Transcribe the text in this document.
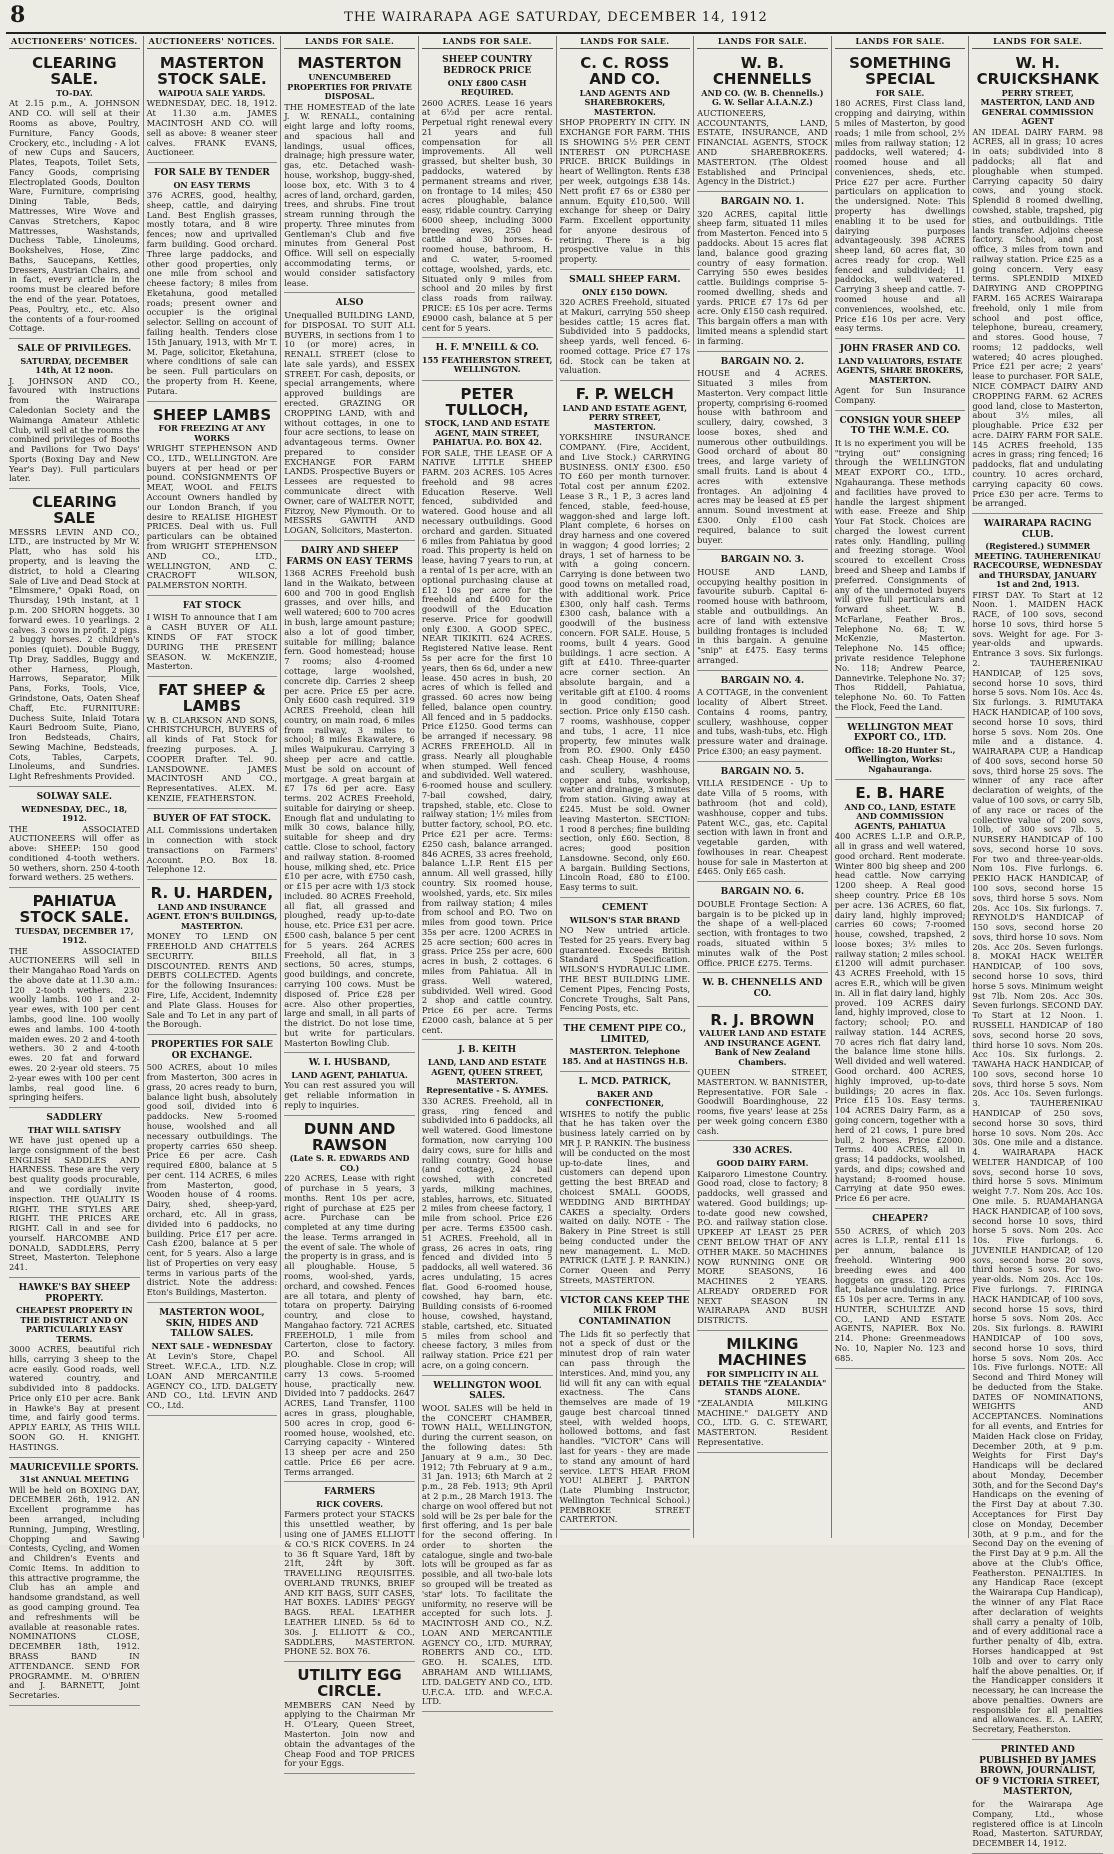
8	THE WAIRARAPA AGE SATURDAY, DECEMBER 14, 1912
AUCTIONEERS' NOTICES.
CLEARING SALE.
TO-DAY.

At 2.15 p.m., A. JOHNSON AND CO. will sell at their Rooms as above, Poultry, Furniture, Fancy Goods, Crockery, etc., including - A lot of new Cups and Saucers, Plates, Teapots, Toilet Sets, Fancy Goods, comprising Electroplated Goods, Doulton Ware, Furniture, comprising Dining Table, Beds, Mattresses, Wire Wove and Canvas Stretchers, Kapoc Mattresses, Washstands, Duchess Table, Linoleums, Bookshelves, Hose, Zinc Baths, Saucepans, Kettles, Dressers, Austrian Chairs, and in fact, every article in the rooms must be cleared before the end of the year. Potatoes, Peas, Poultry, etc., etc. Also the contents of a four-roomed Cottage.

SALE OF PRIVILEGES.
SATURDAY, DECEMBER 14th, At 12 noon.

J. JOHNSON AND CO., favoured with instructions from the Wairarapa Caledonian Society and the Waimanga Amateur Athletic Club, will sell at the rooms the combined privileges of Booths and Pavilions for Two Days' Sports (Boxing Day and New Year's Day). Full particulars later.

CLEARING SALE

MESSRS LEVIN AND CO., LTD., are instructed by Mr W. Platt, who has sold his property, and is leaving the district, to hold a Clearing Sale of Live and Dead Stock at "Elmsmere," Opaki Road, on Thursday, 19th instant, at 1 p.m. 200 SHORN hoggets. 30 forward ewes. 10 yearlings. 2 calves. 3 cows in profit. 2 pigs. 2 buggy horses. 2 children's ponies (quiet). Double Buggy, Tip Dray, Saddles, Buggy and other Harness, Plough, Harrows, Separator, Milk Pans, Forks, Tools, Vice, Grindstone, Oats, Oaten Sheaf Chaff, Etc. FURNITURE: Duchess Suite, Inlaid Totara Kauri Bedroom Suite, Piano, Iron Bedsteads, Chairs, Sewing Machine, Bedsteads, Cots, Tables, Carpets, Linoleums, and Sundries. Light Refreshments Provided.

SOLWAY SALE.
WEDNESDAY, DEC., 18, 1912.

THE ASSOCIATED AUCTIONEERS will offer as above: SHEEP: 150 good conditioned 4-tooth wethers. 50 wethers, shorn. 250 4-tooth forward wethers. 25 wethers.

PAHIATUA STOCK SALE.
TUESDAY, DECEMBER 17, 1912.

THE ASSOCIATED AUCTIONEERS will sell in their Mangahao Road Yards on the above date at 11.30 a.m.: 120 2-tooth wethers. 230 woolly lambs. 100 1 and 2-year ewes, with 100 per cent lambs, good line. 100 woolly ewes and lambs. 100 4-tooth maiden ewes. 20 2 and 4-tooth wethers. 30 2 and 4-tooth ewes. 20 fat and forward ewes. 20 2-year old steers. 75 2-year ewes with 100 per cent lambs, real good line. 6 springing heifers.

SADDLERY
THAT WILL SATISFY

WE have just opened up a large consignment of the best ENGLISH SADDLES AND HARNESS. These are the very best quality goods procurable, and we cordially invite inspection. THE QUALITY IS RIGHT. THE STYLES ARE RIGHT. THE PRICES ARE RIGHT. Call in and see for yourself. HARCOMBE AND DONALD, SADDLERS, Perry Street, Masterton. Telephone 241.

HAWKE'S BAY SHEEP PROPERTY.
CHEAPEST PROPERTY IN THE DISTRICT AND ON PARTICULARLY EASY TERMS.

3000 ACRES, beautiful rich hills, carrying 3 sheep to the acre easily. Good roads, well watered country, and subdivided into 8 paddocks. Price only £10 per acre. Bank in Hawke's Bay at present time, and fairly good terms. APPLY EARLY, AS THIS WILL SOON GO. H. KNIGHT. HASTINGS.

MAURICEVILLE SPORTS.
31st ANNUAL MEETING

Will be held on BOXING DAY, DECEMBER 26th, 1912. AN Excellent programme has been arranged, including Running, Jumping, Wrestling, Chopping and Sawing Contests, Cycling, and Women and Children's Events and Comic Items. In addition to this attractive programme, the Club has an ample and handsome grandstand, as well as good camping ground. Tea and refreshments will be available at reasonable rates. NOMINATIONS CLOSE, DECEMBER 18th, 1912. BRASS BAND IN ATTENDANCE. SEND FOR PROGRAMME. M. O'BRIEN and J. BARNETT, Joint Secretaries.

AUCTIONEERS' NOTICES.
MASTERTON STOCK SALE.
WAIPOUA SALE YARDS.

WEDNESDAY, DEC. 18, 1912. At 11.30 a.m. JAMES MACINTOSH AND CO. will sell as above: 8 weaner steer calves. FRANK EVANS, Auctioneer.

FOR SALE BY TENDER
ON EASY TERMS

376 ACRES, good, healthy, sheep, cattle, and dairying Land. Best English grasses, mostly totara, and 8 wire fences; now and uprivalled farm building. Good orchard. Three large paddocks, and other good properties, only one mile from school and cheese factory; 8 miles from Eketahuna, good metalled roads; present owner and occupier is the original selector. Selling on account of failing health. Tenders close 15th January, 1913, with Mr T. M. Page, solicitor, Eketahuna, where conditions of sale can be seen. Full particulars on the property from H. Keene, Putara.

SHEEP LAMBS
FOR FREEZING AT ANY WORKS

WRIGHT STEPHENSON AND CO., LTD., WELLINGTON. Are buyers at per head or per pound. CONSIGNMENTS OF MEAT, WOOL and FELTS Account Owners handled by our London Branch, if you desire to REALISE HIGHEST PRICES. Deal with us. Full particulars can be obtained from WRIGHT STEPHENSON AND CO., LTD., WELLINGTON, AND C. CRACROFT WILSON, PALMERSTON NORTH.

FAT STOCK

I WISH To announce that I am a CASH BUYER OF ALL KINDS OF FAT STOCK DURING THE PRESENT SEASON. W. McKENZIE, Masterton.

FAT SHEEP & LAMBS

W. B. CLARKSON AND SONS, CHRISTCHURCH, BUYERS of all kinds of Fat Stock for freezing purposes. A. J. COOPER Drafter. Tel. 90. LANSDOWNE. JAMES MACINTOSH AND CO., Representatives. ALEX. M. KENZIE, FEATHERSTON.

BUYER OF FAT STOCK.

ALL Commissions undertaken in connection with stock transactions on Farmers' Account. P.O. Box 18. Telephone 12.

R. U. HARDEN,
LAND AND INSURANCE AGENT. ETON'S BUILDINGS, MASTERTON.

MONEY TO LEND ON FREEHOLD AND CHATTELS SECURITY. BILLS DISCOUNTED. RENTS AND DEBTS COLLECTED. Agents for the following Insurances: Fire, Life, Accident, Indemnity and Plate Glass. Houses for Sale and To Let in any part of the Borough.

PROPERTIES FOR SALE OR EXCHANGE.

500 ACRES, about 10 miles from Masterton, 300 acres in grass, 20 acres ready to burn, balance light bush, absolutely good soil, divided into 6 paddocks. New 5-roomed house, woolshed and all necessary outbuildings. The property carries 650 sheep. Price £6 per acre. Cash required £800, balance at 5 per cent. 114 ACRES, 6 miles from Masterton, good, Wooden house of 4 rooms. Dairy, shed, sheep-yard, orchard, etc. All in grass, divided into 6 paddocks, no building. Price £17 per acre. Cash £200, balance at 5 per cent, for 5 years. Also a large list of Properties on very easy terms in various parts of the district. Note the address: Eton's Buildings, Masterton.

MASTERTON WOOL, SKIN, HIDES AND TALLOW SALES.
NEXT SALE - WEDNESDAY

At Levin's Store, Chapel Street. W.F.C.A., LTD. N.Z. LOAN AND MERCANTILE AGENCY CO., LTD. DALGETY AND CO., Ltd. LEVIN AND CO., Ltd.

LANDS FOR SALE.
MASTERTON
UNENCUMBERED PROPERTIES FOR PRIVATE DISPOSAL.

THE HOMESTEAD of the late J. W. RENALL, containing eight large and lofty rooms, and spacious hall and landings, usual offices, drainage; high pressure water, gas, etc. Detached wash-house, workshop, buggy-shed, loose box, etc. With 3 to 4 acres of land, orchard, garden, trees, and shrubs. Fine trout stream running through the property. Three minutes from Gentleman's Club and five minutes from General Post Office. Will sell on especially accommodating terms, or would consider satisfactory lease.

ALSO

Unequalled BUILDING LAND, for DISPOSAL TO SUIT ALL BUYERS, in sections from 1 to 10 (or more) acres, in RENALL STREET (close to late sale yards), and ESSEX STREET. For cash, deposits, or special arrangements, where approved buildings are erected. GRAZING OR CROPPING LAND, with and without cottages, in one to four acre sections, to lease on advantageous terms. Owner prepared to consider EXCHANGE FOR FARM LANDS. Prospective Buyers or Lessees are requested to communicate direct with Owner, care of WALTER NOTT, Fitzroy, New Plymouth. Or to MESSRS GAWITH AND LOGAN, Solicitors, Masterton.

DAIRY AND SHEEP FARMS ON EASY TERMS

1368 ACRES Freehold bush land in the Waikato, between 600 and 700 in good English grasses, and over hills, and well watered; 600 to 700 acres in bush, large amount pasture; also a lot of good timber, suitable for milling; balance fern. Good homestead; house 7 rooms; also 4-roomed cottage, large woolshed, concrete dip. Carries 2 sheep per acre. Price £5 per acre. Only £600 cash required. 319 ACRES Freehold, clean hill country, on main road, 6 miles from railway, 3 miles to school; 8 miles Ekawatere, 6 miles Waipukurau. Carrying 3 sheep per acre and cattle. Must be sold on account of mortgage. A great bargain at £7 17s 6d per acre. Easy terms. 202 ACRES Freehold, suitable for dairying or sheep. Enough flat and undulating to milk 30 cows, balance hilly, suitable for sheep and dry cattle. Close to school, factory and railway station. 8-roomed house, milking shed, etc. Price £10 per acre, with £750 cash, or £15 per acre with 1/3 stock included. 80 ACRES Freehold, all flat, all grassed and ploughed, ready up-to-date house, etc. Price £31 per acre. £500 cash, balance 5 per cent for 5 years. 264 ACRES Freehold, all flat, in 3 sections, 50 acres, stumps, good buildings, and concrete, carrying 100 cows. Must be disposed of. Price £28 per acre. Also other properties, large and small, in all parts of the district. Do not lose time, but write for particulars. Masterton Bowling Club.

W. I. HUSBAND,
LAND AGENT, PAHIATUA.

You can rest assured you will get reliable information in reply to inquiries.

DUNN AND RAWSON
(Late S. R. EDWARDS AND CO.)

220 ACRES, Lease with right of purchase in 5 years, 3 months. Rent 10s per acre, right of purchase at £25 per acre. Purchase can be completed at any time during the lease. Terms arranged in the event of sale. The whole of the property is in grass, and is all ploughable. House, 5 rooms, wool-shed, yards, orchard, and cowshed. Fences are all totara, and plenty of totara on property. Dairying country, and close to Mangahao factory. 721 ACRES FREEHOLD, 1 mile from Carterton, close to factory. P.O. and School. All ploughable. Close in crop; will carry 13 cows. 5-roomed house, practically new. Divided into 7 paddocks. 2647 ACRES, Land Transfer, 1100 acres in grass, ploughable, 500 acres in crop, good 6-roomed house, woolshed, etc. Carrying capacity - Wintered 13 sheep per acre and 250 cattle. Price £6 per acre. Terms arranged.

FARMERS
RICK COVERS.

Farmers protect your STACKS this unsettled weather, by using one of JAMES ELLIOTT & CO.'S RICK COVERS. In 24 to 36 ft Square Yard, 18ft by 21ft, 24ft by 30ft. TRAVELLING REQUISITES. OVERLAND TRUNKS, BRIEF AND KIT BAGS, SUIT CASES, HAT BOXES. LADIES' PEGGY BAGS. REAL LEATHER LEATHER LINED. 5s 6d to 30s. J. ELLIOTT & CO., SADDLERS, MASTERTON. PHONE 52. BOX 76.

UTILITY EGG CIRCLE.

MEMBERS CAN Need by applying to the Chairman Mr H. O'Leary, Queen Street, Masterton. Join now and obtain the advantages of the Cheap Food and TOP PRICES for your Eggs.

LANDS FOR SALE.
SHEEP COUNTRY BEDROCK PRICE
ONLY £800 CASH REQUIRED.

2600 ACRES. Lease 16 years at 6½d per acre rental. Perpetual right renewal every 21 years and full compensation for all improvements. All well grassed, but shelter bush, 30 paddocks, watered by permanent streams and river, on frontage to 14 miles; 450 acres ploughable, balance easy, ridable country. Carrying 6000 sheep, including 3000 breeding ewes, 250 head cattle and 30 horses. 6-roomed house, bathroom, H. and C. water, 5-roomed cottage, woolshed, yards, etc. Situated only 9 miles from school and 20 miles by first class roads from railway. PRICE: £5 10s per acre. Terms £9000 cash, balance at 5 per cent for 5 years.

H. F. M'NEILL & CO.
155 FEATHERSTON STREET, WELLINGTON.
PETER TULLOCH,
STOCK, LAND AND ESTATE AGENT, MAIN STREET, PAHIATUA. P.O. BOX 42.

FOR SALE, THE LEASE OF A NATIVE LITTLE SHEEP FARM. 203 ACRES. 105 Acres freehold and 98 acres Education Reserve. Well fenced, subdivided and watered. Good house and all necessary outbuildings. Good orchard and garden. Situated 6 miles from Pahiatua by good road. This property is held on lease, having 7 years to run, at a rental of 1s per acre, with an optional purchasing clause at £12 10s per acre for the freehold and £400 for the goodwill of the Education reserve. Price for goodwill only £300. A GOOD SPEC., NEAR TIKIKITI. 624 ACRES. Registered Native lease. Rent 5s per acre for the first 10 years, then 6s 6d, under a new lease. 450 acres in bush, 20 acres of which is felled and grassed. 60 acres now being felled, balance open country. All fenced and in 5 paddocks. Price £1250. Good terms can be arranged if necessary. 98 ACRES FREEHOLD. All in grass. Nearly all ploughable when stumped. Well fenced and subdivided. Well watered. 6-roomed house and scullery. 7-bail cowshed, dairy, trapshed, stable, etc. Close to railway station; 1½ miles from butter factory, school, P.O. etc. Price £21 per acre. Terms: £250 cash, balance arranged. 846 ACRES, 33 acres freehold, balance L.I.P. Rent £15 per annum. All well grassed, hilly country. Six roomed house, woolshed, yards, etc. Six miles from railway station; 4 miles from school and P.O. Two on miles from good town. Price 35s per acre. 1200 ACRES in 25 acre section; 600 acres in grass. Price 25s per acre, 600 acres in bush, 2 cottages. 6 miles from Pahiatua. All in grass. Well watered, subdivided. Well wired. Good 2 shop and cattle country. Price £6 per acre. Terms £2000 cash, balance at 5 per cent.

J. B. KEITH
LAND, LAND AND ESTATE AGENT, QUEEN STREET, MASTERTON. Representative - S. AYMES.

330 ACRES. Freehold, all in grass, ring fenced and subdivided into 6 paddocks, all well watered. Good limestone formation, now carrying 100 dairy cows, sure for hills and rolling country. Good house (and cottage), 24 bail cowshed, with concreted yards, milking machines, stables, harrows, etc. Situated 2 miles from cheese factory, 1 mile from school. Price £26 per acre. Terms £3500 cash. 51 ACRES. Freehold, all in grass, 26 acres in oats, ring fenced and divided into 5 paddocks, all well watered. 36 acres undulating, 15 acres flat. Good 6-roomed house, cowshed, hay barn, etc. Building consists of 6-roomed house, cowshed, haystand, stable, cartshed, etc. Situated 5 miles from school and cheese factory, 3 miles from railway station. Price £21 per acre, on a going concern.

WELLINGTON WOOL SALES.

WOOL SALES will be held in the CONCERT CHAMBER, TOWN HALL, WELLINGTON, during the current season, on the following dates: 5th January at 9 a.m., 30 Dec. 1912; 7th February at 9 a.m., 31 Jan. 1913; 6th March at 2 p.m., 28 Feb. 1913; 9th April at 2 p.m., 28 March 1913. The charge on wool offered but not sold will be 2s per bale for the first offering, and 1s per bale for the second offering. In order to shorten the catalogue, single and two-bale lots will be grouped as far as possible, and all two-bale lots so grouped will be treated as 'star' lots. To facilitate the uniformity, no reserve will be accepted for such lots. J. MACINTOSH AND CO., N.Z. LOAN AND MERCANTILE AGENCY CO., LTD. MURRAY, ROBERTS AND CO., LTD. GEO. H. SCALES, LTD. ABRAHAM AND WILLIAMS, LTD. DALGETY AND CO., LTD. U.F.C.A. LTD. and W.F.C.A. LTD.

LANDS FOR SALE.
C. C. ROSS AND CO.
LAND AGENTS AND SHAREBROKERS, MASTERTON.

SHOP PROPERTY IN CITY. IN EXCHANGE FOR FARM. THIS IS SHOWING 5½ PER CENT INTEREST ON PURCHASE PRICE. BRICK Buildings in heart of Wellington. Rents £38 per week, outgoings £38 14s. Nett profit £7 6s or £380 per annum. Equity £10,500. Will exchange for sheep or Dairy Farm. Excellent opportunity for anyone desirous of retiring. There is a big prospective value in this property.

SMALL SHEEP FARM.
ONLY £150 DOWN.

320 ACRES Freehold, situated at Makuri, carrying 550 sheep besides cattle; 15 acres flat. Subdivided into 5 paddocks, sheep yards, well fenced. 6-roomed cottage. Price £7 17s 6d. Stock can be taken at valuation.

F. P. WELCH
LAND AND ESTATE AGENT, PERRY STREET, MASTERTON.

YORKSHIRE INSURANCE COMPANY. (Fire, Accident, and Live Stock.) CARRYING BUSINESS. ONLY £300. £50 TO £60 per month turnover. Total cost per annum £202. Lease 3 R., 1 P., 3 acres land fenced, stable, feed-house, waggon-shed and large loft. Plant complete, 6 horses on dray harness and one covered in waggon; 4 good lorries; 2 drays, 1 set of harness to be with a going concern. Carrying is done between two good towns on metalled road, with additional work. Price £300, only half cash. Terms £300 cash, balance with a goodwill of the business concern. FOR SALE. House, 5 rooms, built 4 years. Good buildings. 1 acre section. A gift at £410. Three-quarter acre corner section. An absolute bargain, and a veritable gift at £100. 4 rooms in good condition; good section. Price only £150 cash. 7 rooms, washhouse, copper and tubs, 1 acre, 11 nice property, few minutes walk from P.O. £900. Only £450 cash. Cheap House, 4 rooms and scullery, washhouse, copper and tubs, workshop, water and drainage, 3 minutes from station. Giving away at £245. Must be sold. Owner leaving Masterton. SECTION: 1 rood 8 perches; fine building section, only £60. Section, 8 acres; good position Lansdowne. Second, only £60. A bargain. Building Sections, Lincoln Road, £80 to £100. Easy terms to suit.

CEMENT
WILSON'S STAR BRAND

NO New untried article. Tested for 25 years. Every bag guaranteed. Exceeds British Standard Specification. WILSON'S HYDRAULIC LIME. THE BEST BUILDING LIME. Cement Pipes, Fencing Posts, Concrete Troughs, Salt Pans, Fencing Posts, etc.

THE CEMENT PIPE CO., LIMITED,
MASTERTON. Telephone 185. And at HASTINGS H.B.
L. MCD. PATRICK,
BAKER AND CONFECTIONER,

WISHES to notify the public that he has taken over the business lately carried on by MR J. P. RANKIN. The business will be conducted on the most up-to-date lines, and customers can depend upon getting the best BREAD and choicest SMALL GOODS, WEDDING AND BIRTHDAY CAKES a specialty. Orders waited on daily. NOTE - The Bakery in Pine Street is still being conducted under the new management. L. McD. PATRICK (LATE J. P. RANKIN.) Corner Queen and Perry Streets, MASTERTON.

VICTOR CANS KEEP THE MILK FROM CONTAMINATION

The Lids fit so perfectly that not a speck of dust or the minutest drop of rain water can pass through the interstices. And, mind you, any lid will fit any can with equal exactness. The Cans themselves are made of 19 gauge best charcoal tinned steel, with welded hoops, hollowed bottoms, and fast handles. "VICTOR" Cans will last for years - they are made to stand any amount of hard service. LET'S HEAR FROM YOU! ALBERT J. PARTON (Late Plumbing Instructor, Wellington Technical School.) PEMBROKE STREET CARTERTON.

LANDS FOR SALE.
W. B. CHENNELLS
AND CO. (W. B. Chennells.) G. W. Sellar A.I.A.N.Z.)

AUCTIONEERS, ACCOUNTANTS, LAND, ESTATE, INSURANCE, AND FINANCIAL AGENTS, STOCK AND SHAREBROKERS. MASTERTON. (The Oldest Established and Principal Agency in the District.)

BARGAIN NO. 1.

320 ACRES, capital little sheep farm, situated 11 miles from Masterton. Fenced into 5 paddocks. About 15 acres flat land, balance good grazing country of easy formation. Carrying 550 ewes besides cattle. Buildings comprise 5-roomed dwelling, sheds and yards. PRICE £7 17s 6d per acre. Only £150 cash required. This bargain offers a man with limited means a splendid start in farming.

BARGAIN NO. 2.

HOUSE and 4 ACRES. Situated 3 miles from Masterton. Very compact little property, comprising 6-roomed house with bathroom and scullery, dairy, cowshed, 3 loose boxes, shed and numerous other outbuildings. Good orchard of about 80 trees, and large variety of small fruits. Land is about 4 acres with extensive frontages. An adjoining 4 acres may be leased at £5 per annum. Sound investment at £300. Only £100 cash required, balance to suit buyer.

BARGAIN NO. 3.

HOUSE AND LAND, occupying healthy position in favourite suburb. Capital 6-roomed house with bathroom, stable and outbuildings. An acre of land with extensive building frontages is included in this bargain. A genuine "snip" at £475. Easy terms arranged.

BARGAIN NO. 4.

A COTTAGE, in the convenient locality of Albert Street. Contains 4 rooms, pantry, scullery, washhouse, copper and tubs, wash-tubs, etc. High pressure water and drainage. Price £300; an easy payment.

BARGAIN NO. 5.

VILLA RESIDENCE - Up to date Villa of 5 rooms, with bathroom (hot and cold), washhouse, copper and tubs. Patent W.C., gas, etc. Capital section with lawn in front and vegetable garden, with fowlhouses in rear. Cheapest house for sale in Masterton at £465. Only £65 cash.

BARGAIN NO. 6.

DOUBLE Frontage Section: A bargain is to be picked up in the shape of a well-placed section, with frontages to two roads, situated within 5 minutes walk of the Post Office. PRICE £275. Terms.

W. B. CHENNELLS AND CO.
R. J. BROWN
VALUER LAND AND ESTATE AND INSURANCE AGENT. Bank of New Zealand Chambers.

QUEEN STREET, MASTERTON. W. BANNISTER, Representative. FOR Sale - Goodwill Boardinghouse, 22 rooms, five years' lease at 25s per week going concern £380 cash.

330 ACRES.
GOOD DAIRY FARM.

Kaiparoro Limestone Country. Good road, close to factory; 8 paddocks, well grassed and watered. Good buildings; up-to-date good new cowshed, P.O. and railway station close. UPKEEP AT LEAST 25 PER CENT BELOW THAT OF ANY OTHER MAKE. 50 MACHINES NOW RUNNING ONE OR MORE SEASONS, 16 MACHINES 2 YEARS. ALREADY ORDERED FOR NEXT SEASON IN WAIRARAPA AND BUSH DISTRICTS.

MILKING MACHINES
FOR SIMPLICITY IN ALL DETAILS THE "ZEALANDIA" STANDS ALONE.

"ZEALANDIA MILKING MACHINE." DALGETY AND CO., LTD. G. C. STEWART, MASTERTON. Resident Representative.

LANDS FOR SALE.
SOMETHING SPECIAL
FOR SALE.

180 ACRES, First Class land, cropping and dairying, within 5 miles of Masterton, by good roads; 1 mile from school, 2½ miles from railway station; 12 paddocks, well watered; 4-roomed house and all conveniences, sheds, etc. Price £27 per acre. Further particulars on application to the undersigned. Note: This property has dwellings enabling it to be used for dairying purposes advantageously. 398 ACRES sheep land, 60 acres flat, 30 acres ready for crop. Well fenced and subdivided; 11 paddocks, well watered. Carrying 3 sheep and cattle. 7-roomed house and all conveniences, woolshed, etc. Price £16 10s per acre. Very easy terms.

JOHN FRASER AND CO.
LAND VALUATORS, ESTATE AGENTS, SHARE BROKERS, MASTERTON.

Agent for Sun Insurance Company.

CONSIGN YOUR SHEEP TO THE W.M.E. CO.

It is no experiment you will be "trying out" consigning through the WELLINGTON MEAT EXPORT CO., LTD., Ngahauranga. These methods and facilities have proved to handle the largest shipment with ease. Freeze and Ship Your Fat Stock. Choices are charged the lowest current rates only. Handling, pulling and freezing storage. Wool scoured to excellent Cross breed and Sheep and Lambs if preferred. Consignments of any of the undernoted buyers will give full particulars and forward sheet. W. B. McFarlane, Feather Bros., Telephone No. 68; T. W. McKenzie, Masterton. Telephone No. 145 office; private residence Telephone No. 118; Andrew Pearce, Dannevirke. Telephone No. 37; Thos Riddell, Pahiatua, telephone No. 60. To Fatten the Flock, Feed the Land.

WELLINGTON MEAT EXPORT CO., LTD.
Office: 18-20 Hunter St., Wellington, Works: Ngahauranga.
E. B. HARE
AND CO., LAND, ESTATE AND COMMISSION AGENTS, PAHIATUA

400 ACRES L.I.P. and O.R.P., all in grass and well watered, good orchard. Rent moderate. Winter 800 big sheep and 200 head cattle. Now carrying 1200 sheep. A Real good sheep country. Price £8 10s per acre. 136 ACRES, 60 flat, dairy land, highly improved; carries 60 cows; 7-roomed house, cowshed, trapshed, 2 loose boxes; 3½ miles to railway station; 2 miles school. £1200 will admit purchaser. 43 ACRES Freehold, with 15 acres E.R., which will be given in. All in flat dairy land, highly proved. 109 ACRES dairy land, highly improved, close to factory; school; P.O. and railway station. 144 ACRES, 70 acres rich flat dairy land, the balance lime stone hills. Well divided and well watered. Good orchard. 400 ACRES, highly improved, up-to-date buildings; 20 acres in flax. Price £15 10s. Easy terms. 104 ACRES Dairy Farm, as a going concern, together with a herd of 21 cows, 1 pure bred bull, 2 horses. Price £2000. Terms. 400 ACRES, all in grass; 14 paddocks, woolshed, yards, and dips; cowshed and haystand; 8-roomed house. Carrying at date 950 ewes. Price £6 per acre.

CHEAPER?

550 ACRES, of which 203 acres is L.I.P., rental £11 1s per annum, balance is freehold. Wintering 900 breeding ewes and 400 hoggets on grass. 120 acres flat, balance undulating. Price £5 10s per acre. Terms in any. HUNTER, SCHULTZE AND CO., LAND AND ESTATE AGENTS, NAPIER. Box No. 214. Phone: Greenmeadows No. 10, Napier No. 123 and 685.

LANDS FOR SALE.
W. H. CRUICKSHANK
PERRY STREET, MASTERTON, LAND AND GENERAL COMMISSION AGENT

AN IDEAL DAIRY FARM. 98 ACRES, all in grass; 10 acres in oats; subdivided into 8 paddocks; all flat and ploughable when stumped. Carrying capacity 50 dairy cows, and young stock. Splendid 8 roomed dwelling, cowshed, stable, trapshed, pig sties, and outbuildings. Title lands transfer. Adjoins cheese factory. School, and post office, 3 miles from town and railway station. Price £25 as a going concern. Very easy terms. SPLENDID MIXED DAIRYING AND CROPPING FARM. 165 ACRES Wairarapa freehold, only 1 mile from school and post office, telephone, bureau, creamery, and stores. Good house, 7 rooms; 12 paddocks, well watered; 40 acres ploughed. Price £21 per acre; 2 years' lease to purchaser. FOR SALE, NICE COMPACT DAIRY AND CROPPING FARM. 62 ACRES good land, close to Masterton, about 3½ miles, all ploughable. Price £32 per acre. DAIRY FARM FOR SALE. 145 ACRES freehold, 135 acres in grass; ring fenced; 16 paddocks, flat and undulating country. 10 acres orchard, carrying capacity 60 cows. Price £30 per acre. Terms to be arranged.

WAIRARAPA RACING CLUB.
(Registered.) SUMMER MEETING. TAUHERENIKAU RACECOURSE, WEDNESDAY and THURSDAY, JANUARY 1st and 2nd, 1913.

FIRST DAY. To Start at 12 Noon. 1. MAIDEN HACK RACE, of 100 sovs, second horse 10 sovs, third horse 5 sovs. Weight for age. For 3-year-olds and upwards. Entrance 3 sovs. Six furlongs. 2. TAUHERENIKAU HANDICAP, of 125 sovs, second horse 10 sovs, third horse 5 sovs. Nom 10s. Acc 4s. Six furlongs. 3. RIMUTAKA HACK HANDICAP, of 100 sovs, second horse 10 sovs, third horse 5 sovs. Nom 20s. One mile and a distance. 4. WAIRARAPA CUP, a Handicap of 400 sovs, second horse 50 sovs, third horse 25 sovs. The winner of any race after declaration of weights, of the value of 100 sovs, or carry 5lb, of any race or races of the collective value of 200 sovs, 10lb, of 300 sovs 7lb. 5. NURSERY HANDICAP of 100 sovs, second horse 10 sovs. For two and three-year-olds. Nom 10s. Five furlongs. 6. PEKIO HACK HANDICAP, of 100 sovs, second horse 15 sovs, third horse 5 sovs. Nom 20s. Acc 10s. Six furlongs. 7. REYNOLD'S HANDICAP of 150 sovs, second horse 20 sovs, third horse 10 sovs. Nom 20s. Acc 20s. Seven furlongs. 8. MOKAI HACK WELTER HANDICAP, of 100 sovs, second horse 10 sovs, third horse 5 sovs. Minimum weight 9st 7lb. Nom 20s. Acc 30s. Seven furlongs. SECOND DAY. To Start at 12 Noon. 1. RUSSELL HANDICAP of 180 sovs, second horse 20 sovs, third horse 10 sovs. Nom 20s. Acc 10s. Six furlongs. 2. TAWAHA HACK HANDICAP, of 100 sovs, second horse 10 sovs, third horse 5 sovs. Nom 20s. Acc 10s. Seven furlongs. 3. TAUHERENIKAU HANDICAP of 250 sovs, second horse 30 sovs, third horse 10 sovs. Nom 20s. Acc 30s. One mile and a distance. 4. WAIRARAPA HACK WELTER HANDICAP, of 100 sovs, second horse 10 sovs, third horse 5 sovs. Minimum weight 7.7. Nom 20s. Acc 10s. One mile. 5. RUAMAHANGA HACK HANDICAP, of 100 sovs, second horse 10 sovs, third horse 5 sovs. Nom 20s. Acc 10s. Five furlongs. 6. JUVENILE HANDICAP, of 120 sovs, second horse 20 sovs, third horse 5 sovs. For two-year-olds. Nom 20s. Acc 10s. Five furlongs. 7. FIRINGA HACK HANDICAP, of 100 sovs, second horse 15 sovs, third horse 5 sovs. Nom 20s. Acc 20s. Six furlongs. 8. RAWIRI HANDICAP of 100 sovs, second horse 10 sovs, third horse 5 sovs. Nom 20s. Acc 10s. Five furlongs. NOTE: All Second and Third Money will be deducted from the Stake. DATES OF NOMINATIONS, WEIGHTS AND ACCEPTANCES. Nominations for all events, and Entries for Maiden Hack close on Friday, December 20th, at 9 p.m. Weights for First Day's Handicaps will be declared about Monday, December 30th, and for the Second Day's Handicaps on the evening of the First Day at about 7.30. Acceptances for First Day close on Monday, December 30th, at 9 p.m., and for the Second Day on the evening of the First Day at 9 p.m. All the above at the Club's Office, Featherston. PENALTIES. In any Handicap Race (except the Wairarapa Cup Handicap), the winner of any Flat Race after declaration of weights shall carry a penalty of 10lb, and of every additional race a further penalty of 4lb, extra. Horses handicapped at 9st 10lb and over to carry only half the above penalties. Or, if the Handicapper considers it necessary, he can increase the above penalties. Owners are responsible for all penalties and allowances. E. A. LAERY, Secretary, Featherston.

PRINTED AND PUBLISHED BY JAMES BROWN, JOURNALIST, OF 9 VICTORIA STREET, MASTERTON,

for the Wairarapa Age Company, Ltd., whose registered office is at Lincoln Road, Masterton. SATURDAY, DECEMBER 14, 1912.
